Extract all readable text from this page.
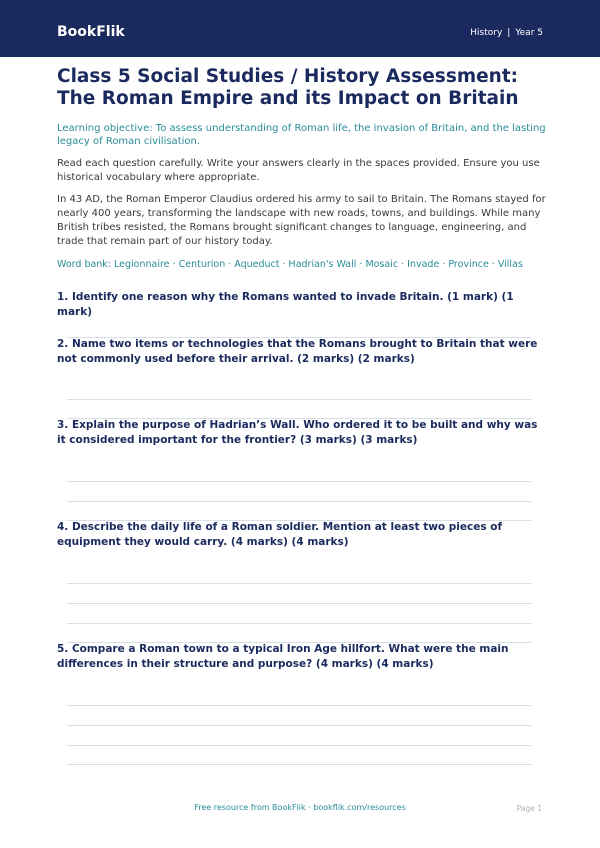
BookFlik	History | Year 5
Class 5 Social Studies / History Assessment: The Roman Empire and its Impact on Britain

Learning objective: To assess understanding of Roman life, the invasion of Britain, and the lasting legacy of Roman civilisation.

Read each question carefully. Write your answers clearly in the spaces provided. Ensure you use historical vocabulary where appropriate.

In 43 AD, the Roman Emperor Claudius ordered his army to sail to Britain. The Romans stayed for nearly 400 years, transforming the landscape with new roads, towns, and buildings. While many British tribes resisted, the Romans brought significant changes to language, engineering, and trade that remain part of our history today.

Word bank: Legionnaire · Centurion · Aqueduct · Hadrian's Wall · Mosaic · Invade · Province · Villas

1. Identify one reason why the Romans wanted to invade Britain. (1 mark) (1 mark)

2. Name two items or technologies that the Romans brought to Britain that were not commonly used before their arrival. (2 marks) (2 marks)

3. Explain the purpose of Hadrian’s Wall. Who ordered it to be built and why was it considered important for the frontier? (3 marks) (3 marks)

4. Describe the daily life of a Roman soldier. Mention at least two pieces of equipment they would carry. (4 marks) (4 marks)

5. Compare a Roman town to a typical Iron Age hillfort. What were the main differences in their structure and purpose? (4 marks) (4 marks)

Free resource from BookFlik · bookflik.com/resources	Page 1
